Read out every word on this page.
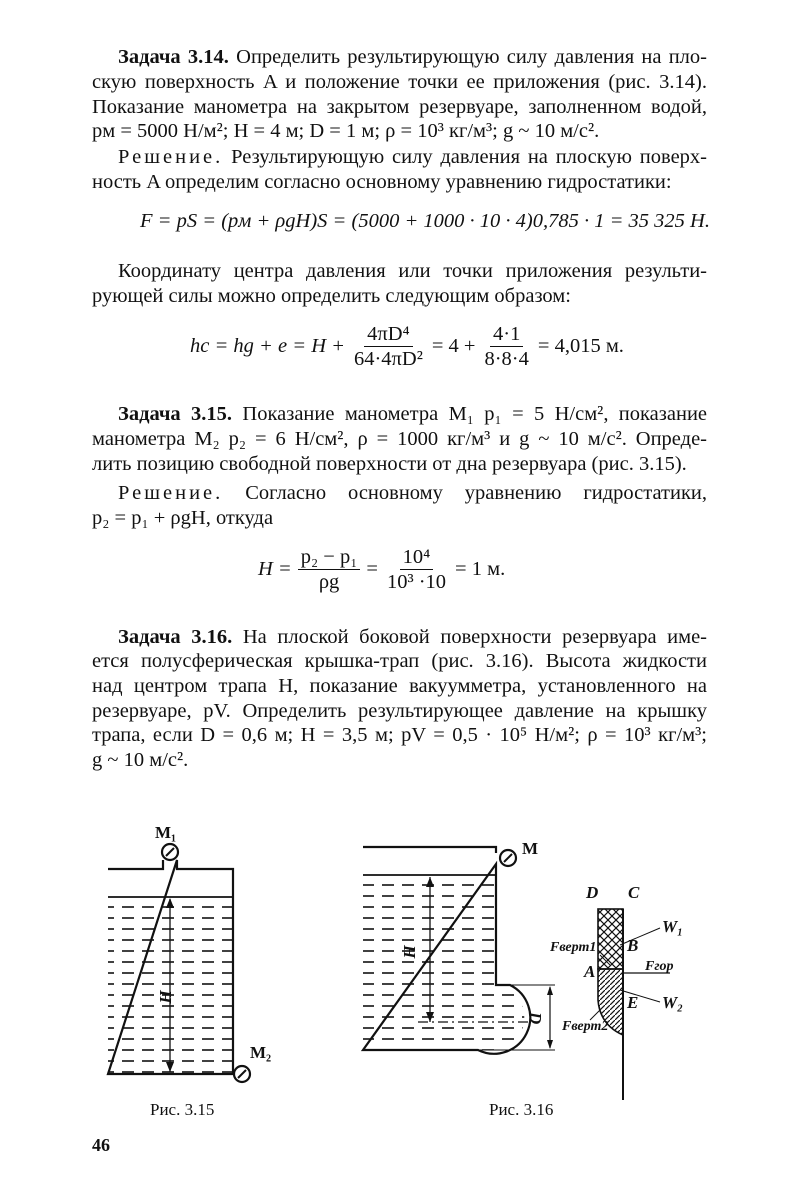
Задача 3.14. Определить результирующую силу давления на пло-
скую поверхность A и положение точки ее приложения (рис. 3.14).
Показание манометра на закрытом резервуаре, заполненном водой,
pм = 5000 Н/м²; H = 4 м; D = 1 м; ρ = 10³ кг/м³; g ~ 10 м/с².
Решение. Результирующую силу давления на плоскую поверх-
ность A определим согласно основному уравнению гидростатики:
F = pS = (pм + ρgH)S = (5000 + 1000 · 10 · 4)0,785 · 1 = 35 325 Н.
Координату центра давления или точки приложения результи-
рующей силы можно определить следующим образом:
hc = hg + $e = H + \frac{\text{4πD⁴}}{\text{64·4πD²}} = 4 + \frac{4\cdot 1}{8\cdot 8\cdot 4} = 4,015$ м.
Задача 3.15. Показание манометра M₁ p₁ = 5 Н/см², показание
манометра M₂ p₂ = 6 Н/см², ρ = 1000 кг/м³ и g ~ 10 м/с². Опреде-
лить позицию свободной поверхности от дна резервуара (рис. 3.15).
Решение. Согласно основному уравнению гидростатики,
p₂ = p₁ + ρgH, откуда
$H = \frac{\text{p₂ − p₁}}{\rho g} = \frac{\text{10⁴}}{\text{10³ ·10}} = 1$ м.
Задача 3.16. На плоской боковой поверхности резервуара име-
ется полусферическая крышка-трап (рис. 3.16). Высота жидкости
над центром трапа H, показание вакуумметра, установленного на
резервуаре, pV. Определить результирующее давление на крышку
трапа, если D = 0,6 м; H = 3,5 м; pV = 0,5 · 10⁵ Н/м²; ρ = 10³ кг/м³;
g ~ 10 м/с².
M₁
M₂
H
M
H
D
D C
W₁
B
Fверт1
Fгор
A
W₂
E
Fверт2
Рис. 3.15	Рис. 3.16
46
